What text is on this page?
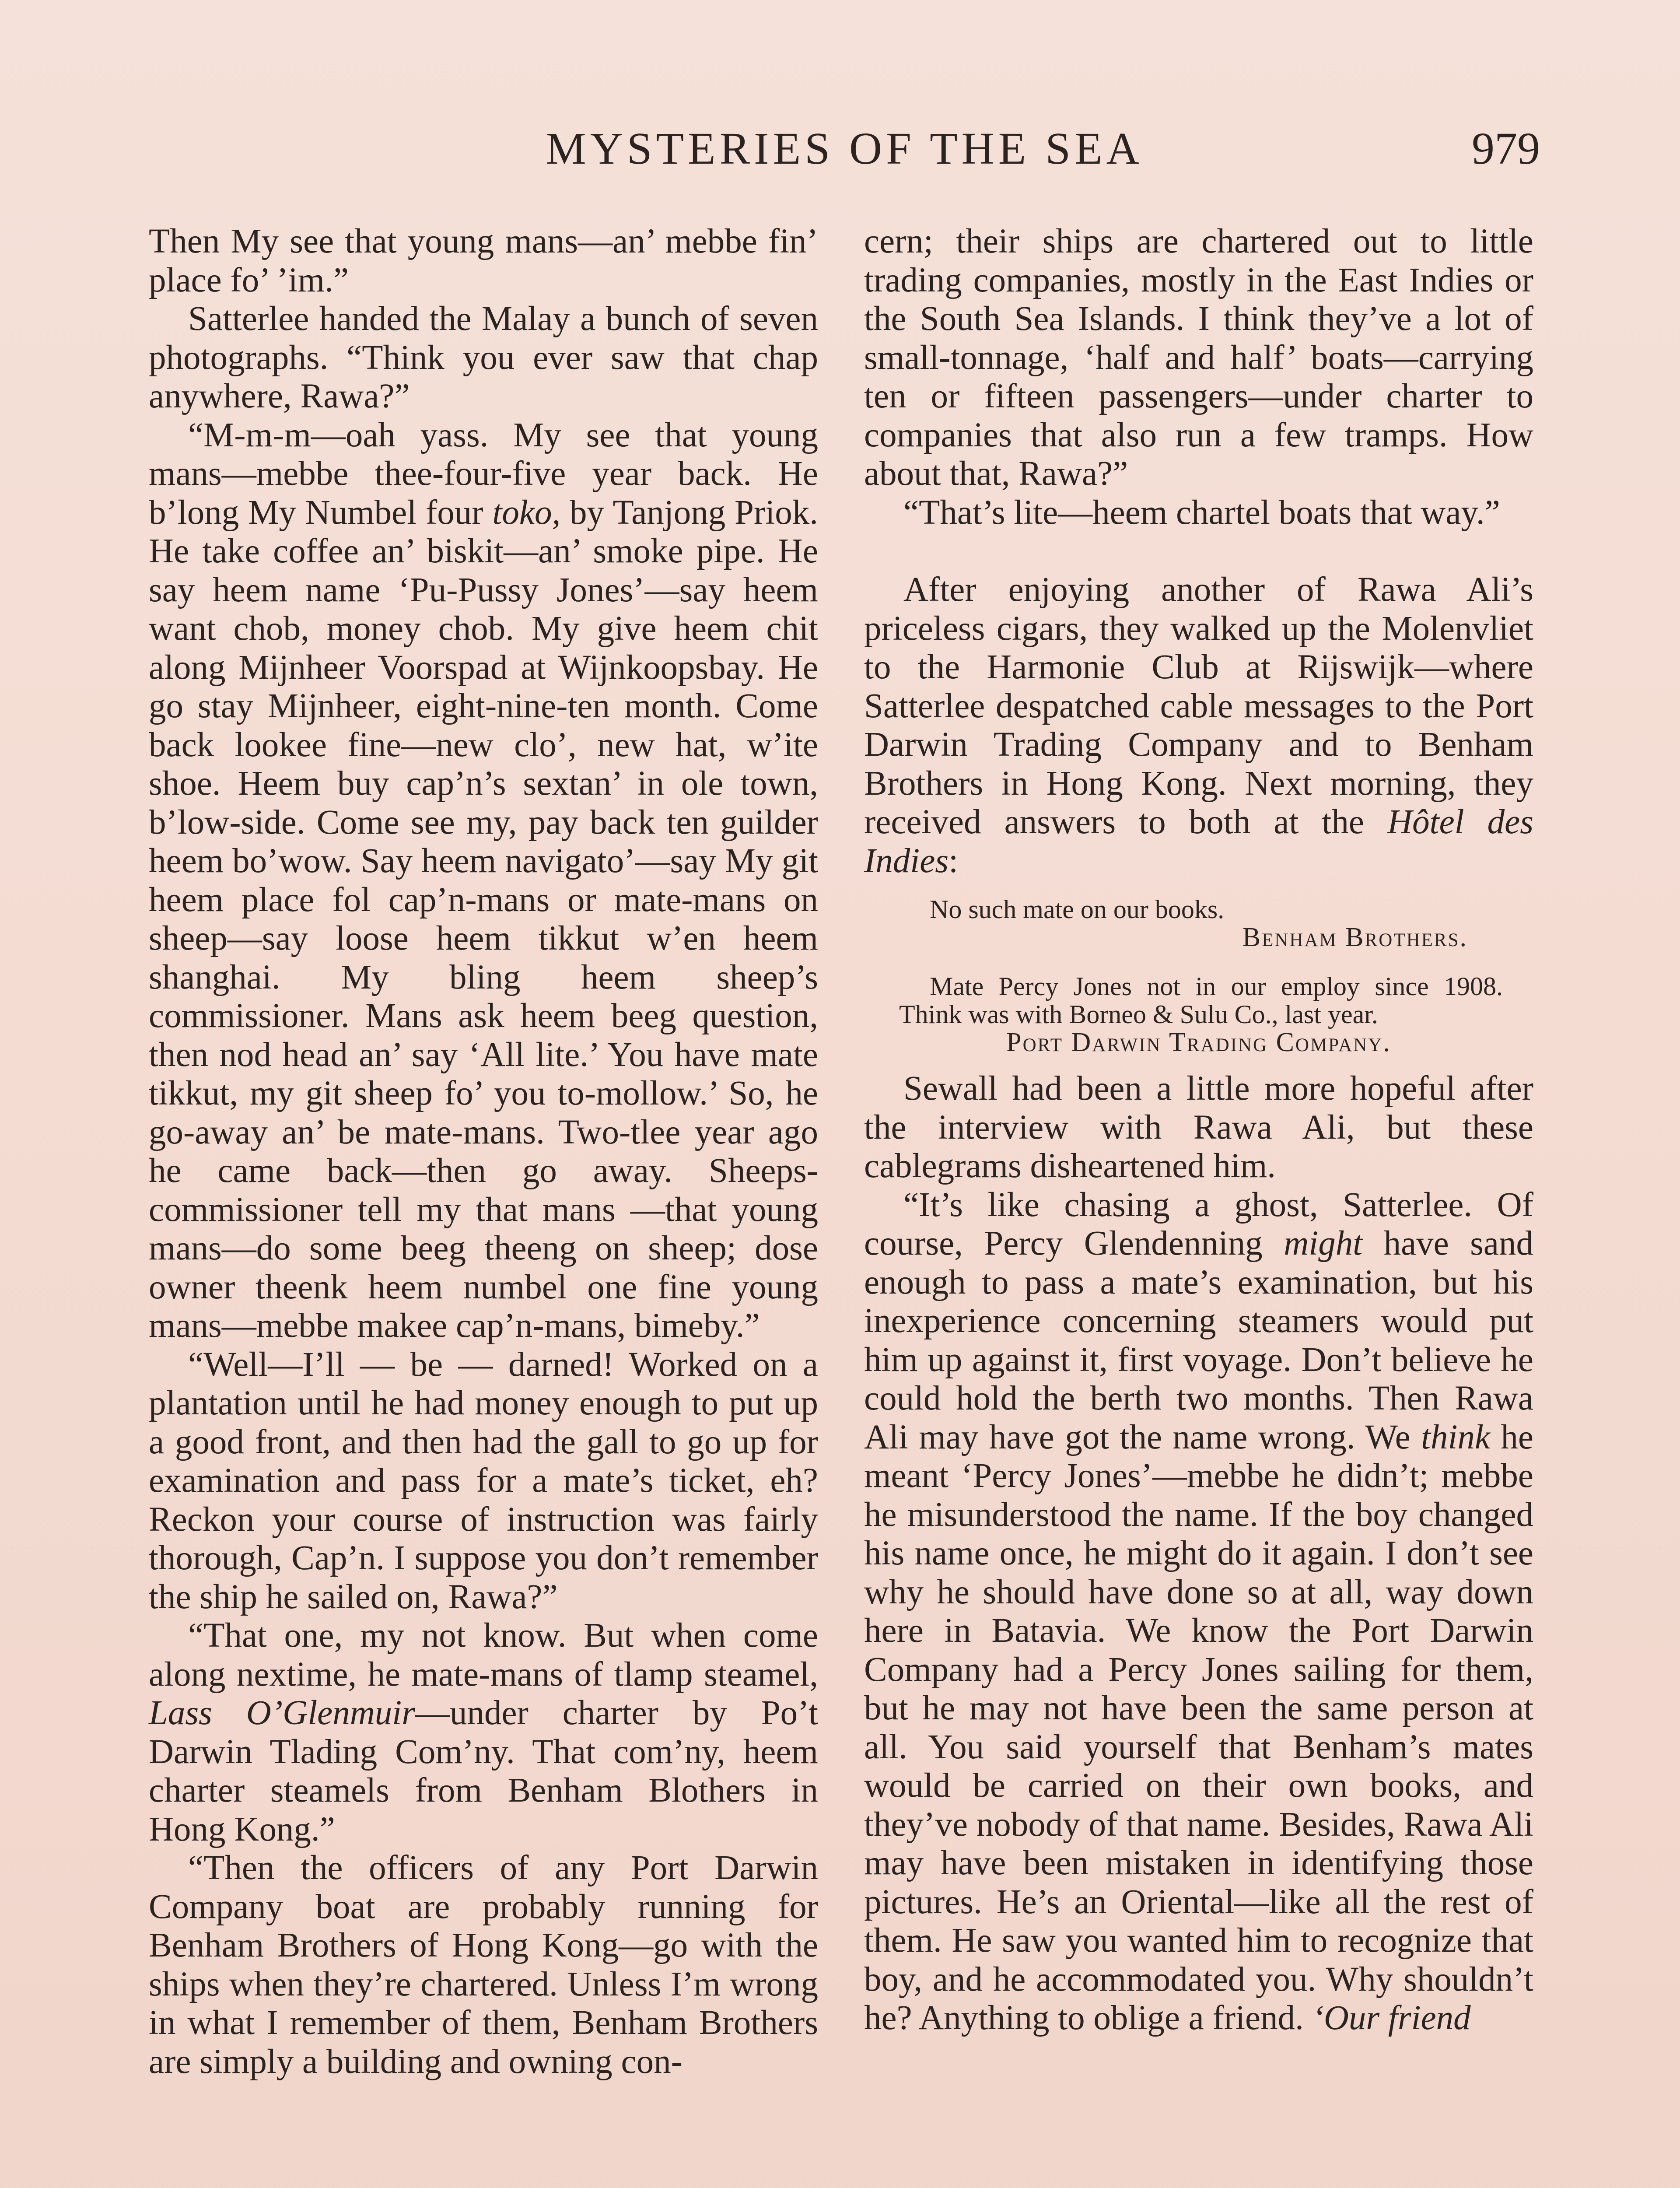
MYSTERIES OF THE SEA	979

Then My see that young mans—an’ mebbe fin’ place fo’ ’im.”

Satterlee handed the Malay a bunch of seven photographs. “Think you ever saw that chap anywhere, Rawa?”

“M-m-m—oah yass. My see that young mans—mebbe thee-four-five year back. He b’long My Numbel four toko, by Tanjong Priok. He take coffee an’ biskit—an’ smoke pipe. He say heem name ‘Pu-Pussy Jones’—say heem want chob, money chob. My give heem chit along Mijnheer Voorspad at Wijnkoopsbay. He go stay Mijnheer, eight-nine-ten month. Come back lookee fine—new clo’, new hat, w’ite shoe. Heem buy cap’n’s sextan’ in ole town, b’low-side. Come see my, pay back ten guilder heem bo’wow. Say heem navigato’—say My git heem place fol cap’n-mans or mate-mans on sheep—say loose heem tikkut w’en heem shanghai. My bling heem sheep’s commissioner. Mans ask heem beeg question, then nod head an’ say ‘All lite.’ You have mate tikkut, my git sheep fo’ you to-mollow.’ So, he go-away an’ be mate-mans. Two-tlee year ago he came back—then go away. Sheeps-commissioner tell my that mans —that young mans—do some beeg theeng on sheep; dose owner theenk heem numbel one fine young mans—mebbe makee cap’n-mans, bimeby.”

“Well—I’ll — be — darned! Worked on a plantation until he had money enough to put up a good front, and then had the gall to go up for examination and pass for a mate’s ticket, eh? Reckon your course of instruction was fairly thorough, Cap’n. I suppose you don’t remember the ship he sailed on, Rawa?”

“That one, my not know. But when come along nextime, he mate-mans of tlamp steamel, Lass O’Glenmuir—under charter by Po’t Darwin Tlading Com’ny. That com’ny, heem charter steamels from Benham Blothers in Hong Kong.”

“Then the officers of any Port Darwin Company boat are probably running for Benham Brothers of Hong Kong—go with the ships when they’re chartered. Unless I’m wrong in what I remember of them, Benham Brothers are simply a building and owning con-

cern; their ships are chartered out to little trading companies, mostly in the East Indies or the South Sea Islands. I think they’ve a lot of small-tonnage, ‘half and half’ boats—carrying ten or fifteen passengers—under charter to companies that also run a few tramps. How about that, Rawa?”

“That’s lite—heem chartel boats that way.”

After enjoying another of Rawa Ali’s priceless cigars, they walked up the Molenvliet to the Harmonie Club at Rijswijk—where Satterlee despatched cable messages to the Port Darwin Trading Company and to Benham Brothers in Hong Kong. Next morning, they received answers to both at the Hôtel des Indies:

No such mate on our books.
Benham Brothers.
Mate Percy Jones not in our employ since 1908. Think was with Borneo & Sulu Co., last year.
Port Darwin Trading Company.

Sewall had been a little more hopeful after the interview with Rawa Ali, but these cablegrams disheartened him.

“It’s like chasing a ghost, Satterlee. Of course, Percy Glendenning might have sand enough to pass a mate’s examination, but his inexperience concerning steamers would put him up against it, first voyage. Don’t believe he could hold the berth two months. Then Rawa Ali may have got the name wrong. We think he meant ‘Percy Jones’—mebbe he didn’t; mebbe he misunderstood the name. If the boy changed his name once, he might do it again. I don’t see why he should have done so at all, way down here in Batavia. We know the Port Darwin Company had a Percy Jones sailing for them, but he may not have been the same person at all. You said yourself that Benham’s mates would be carried on their own books, and they’ve nobody of that name. Besides, Rawa Ali may have been mistaken in identifying those pictures. He’s an Oriental—like all the rest of them. He saw you wanted him to recognize that boy, and he accommodated you. Why shouldn’t he? Anything to oblige a friend. ‘Our friend
